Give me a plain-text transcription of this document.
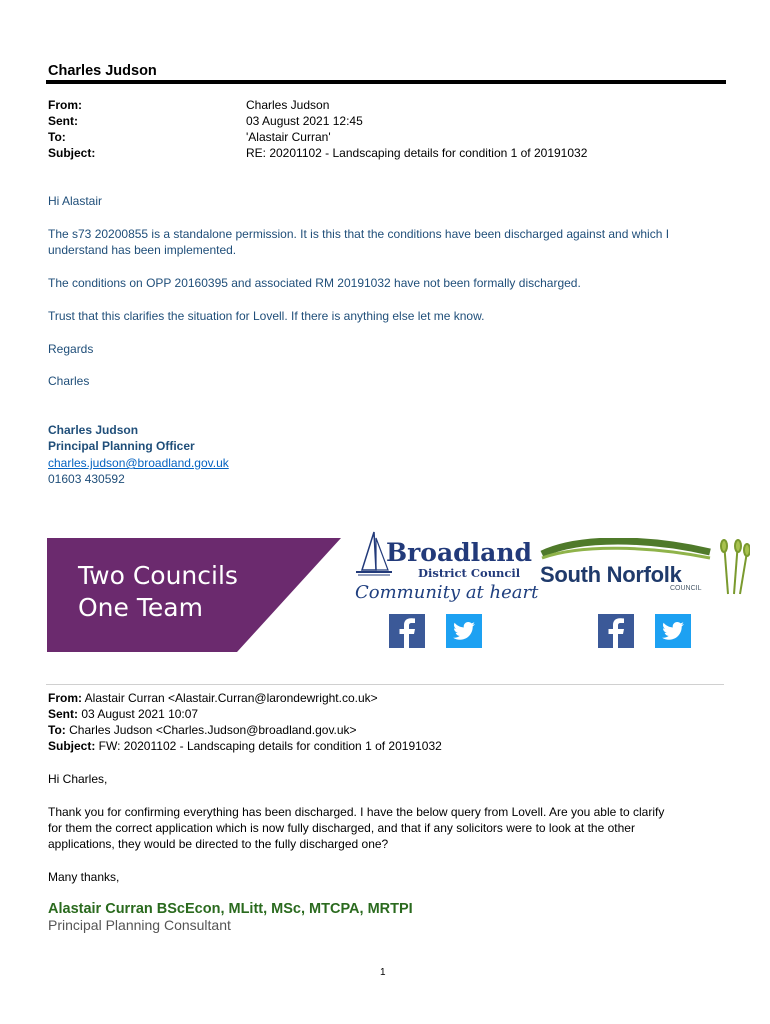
Charles Judson
From:	Charles Judson
Sent:	03 August 2021 12:45
To:	'Alastair Curran'
Subject:	RE: 20201102 - Landscaping details for condition 1 of 20191032
Hi Alastair
The s73 20200855 is a standalone permission. It is this that the conditions have been discharged against and which I
understand has been implemented.
The conditions on OPP 20160395 and associated RM 20191032 have not been formally discharged.
Trust that this clarifies the situation for Lovell. If there is anything else let me know.
Regards
Charles
Charles Judson
Principal Planning Officer
charles.judson@broadland.gov.uk
01603 430592
Two Councils
One Team
Broadland
District Council
Community at heart
South Norfolk
COUNCIL
From: Alastair Curran <Alastair.Curran@larondewright.co.uk>
Sent: 03 August 2021 10:07
To: Charles Judson <Charles.Judson@broadland.gov.uk>
Subject: FW: 20201102 - Landscaping details for condition 1 of 20191032
Hi Charles,
Thank you for confirming everything has been discharged. I have the below query from Lovell. Are you able to clarify
for them the correct application which is now fully discharged, and that if any solicitors were to look at the other
applications, they would be directed to the fully discharged one?
Many thanks,
Alastair Curran BScEcon, MLitt, MSc, MTCPA, MRTPI
Principal Planning Consultant
1
